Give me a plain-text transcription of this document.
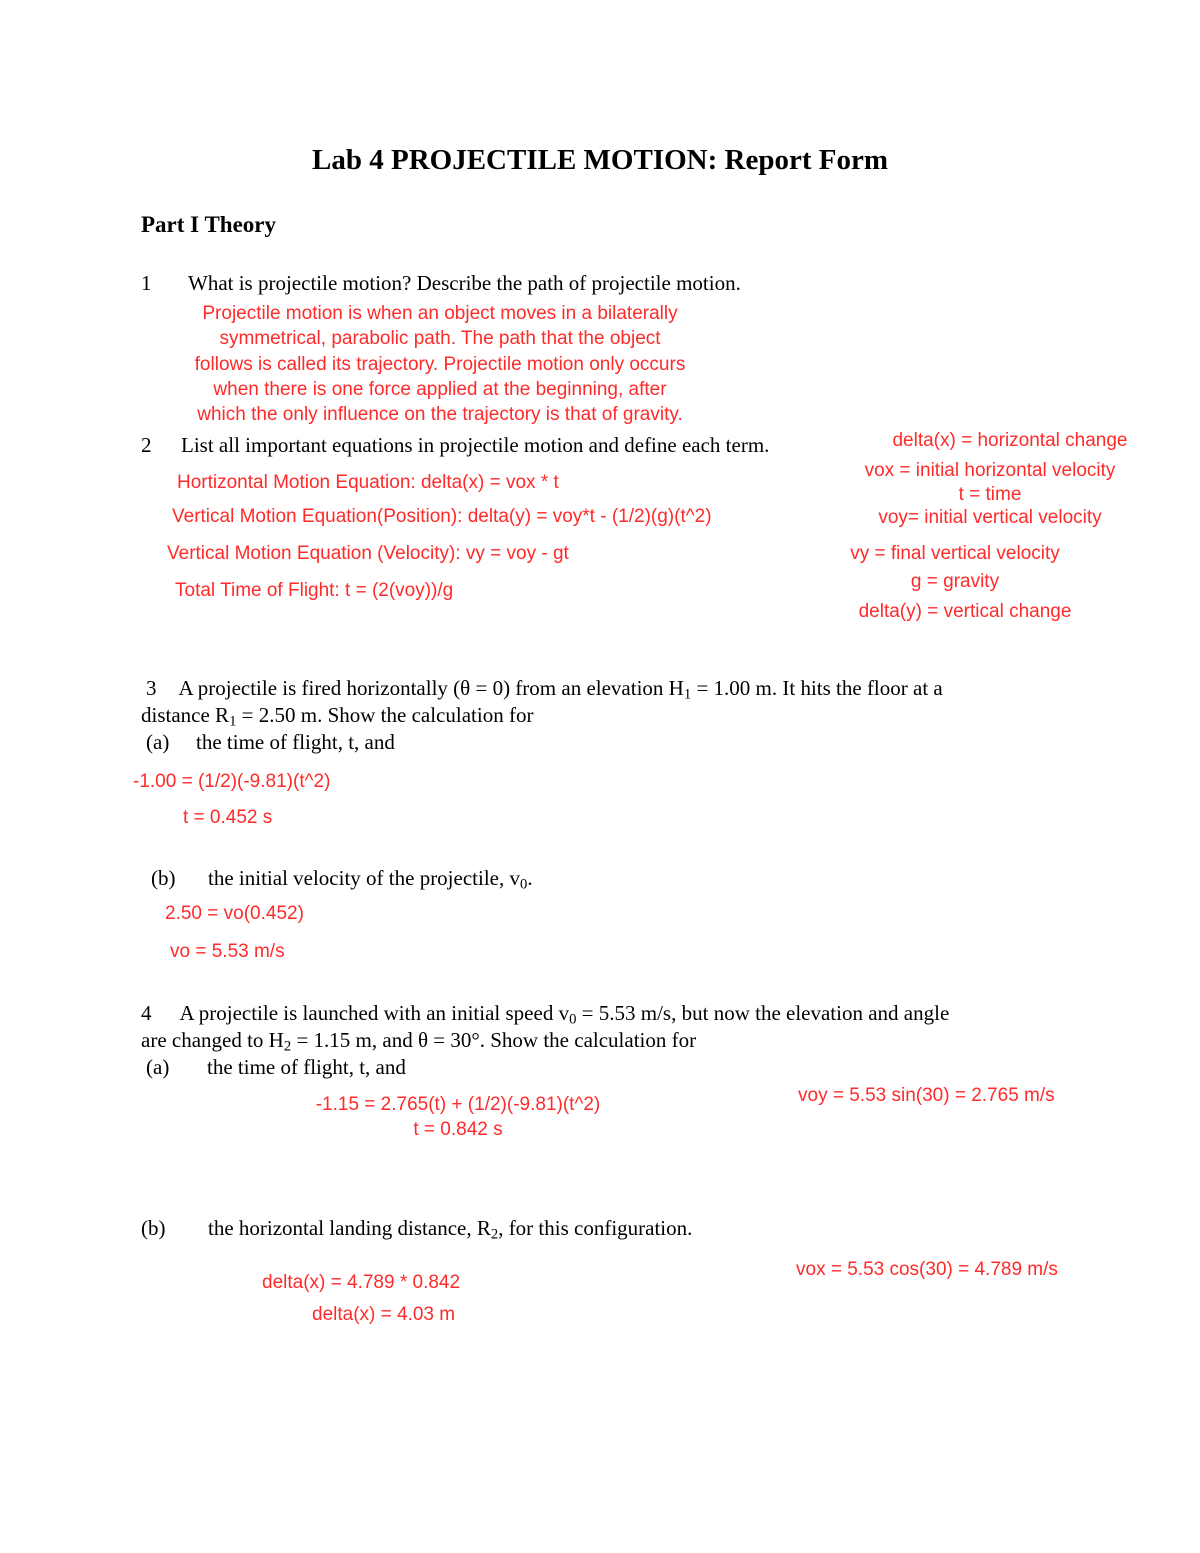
Lab 4 PROJECTILE MOTION: Report Form
Part I Theory
1 What is projectile motion? Describe the path of projectile motion.
Projectile motion is when an object moves in a bilaterally
symmetrical, parabolic path. The path that the object
follows is called its trajectory. Projectile motion only occurs
when there is one force applied at the beginning, after
which the only influence on the trajectory is that of gravity.
2 List all important equations in projectile motion and define each term.
Hortizontal Motion Equation: delta(x) = vox * t
Vertical Motion Equation(Position): delta(y) = voy*t - (1/2)(g)(t^2)
Vertical Motion Equation (Velocity): vy = voy - gt
Total Time of Flight: t = (2(voy))/g
delta(x) = horizontal change
vox = initial horizontal velocity
t = time
voy= initial vertical velocity
vy = final vertical velocity
g = gravity
delta(y) = vertical change
3 A projectile is fired horizontally (θ = 0) from an elevation $H_1 = 1.00$ m. It hits the floor at a
distance $R_1 = 2.50$ m. Show the calculation for
(a) the time of flight, t, and
-1.00 = (1/2)(-9.81)(t^2)
t = 0.452 s
(b) the initial velocity of the projectile, $v_0$.
2.50 = vo(0.452)
vo = 5.53 m/s
4 A projectile is launched with an initial speed $v_0 = 5.53$ m/s, but now the elevation and angle
are changed to $H_2 = 1.15$ m, and θ = 30°. Show the calculation for
(a) the time of flight, t, and
voy = 5.53 sin(30) = 2.765 m/s
-1.15 = 2.765(t) + (1/2)(-9.81)(t^2)
t = 0.842 s
(b) the horizontal landing distance, $R_2$, for this configuration.
vox = 5.53 cos(30) = 4.789 m/s
delta(x) = 4.789 * 0.842
delta(x) = 4.03 m
